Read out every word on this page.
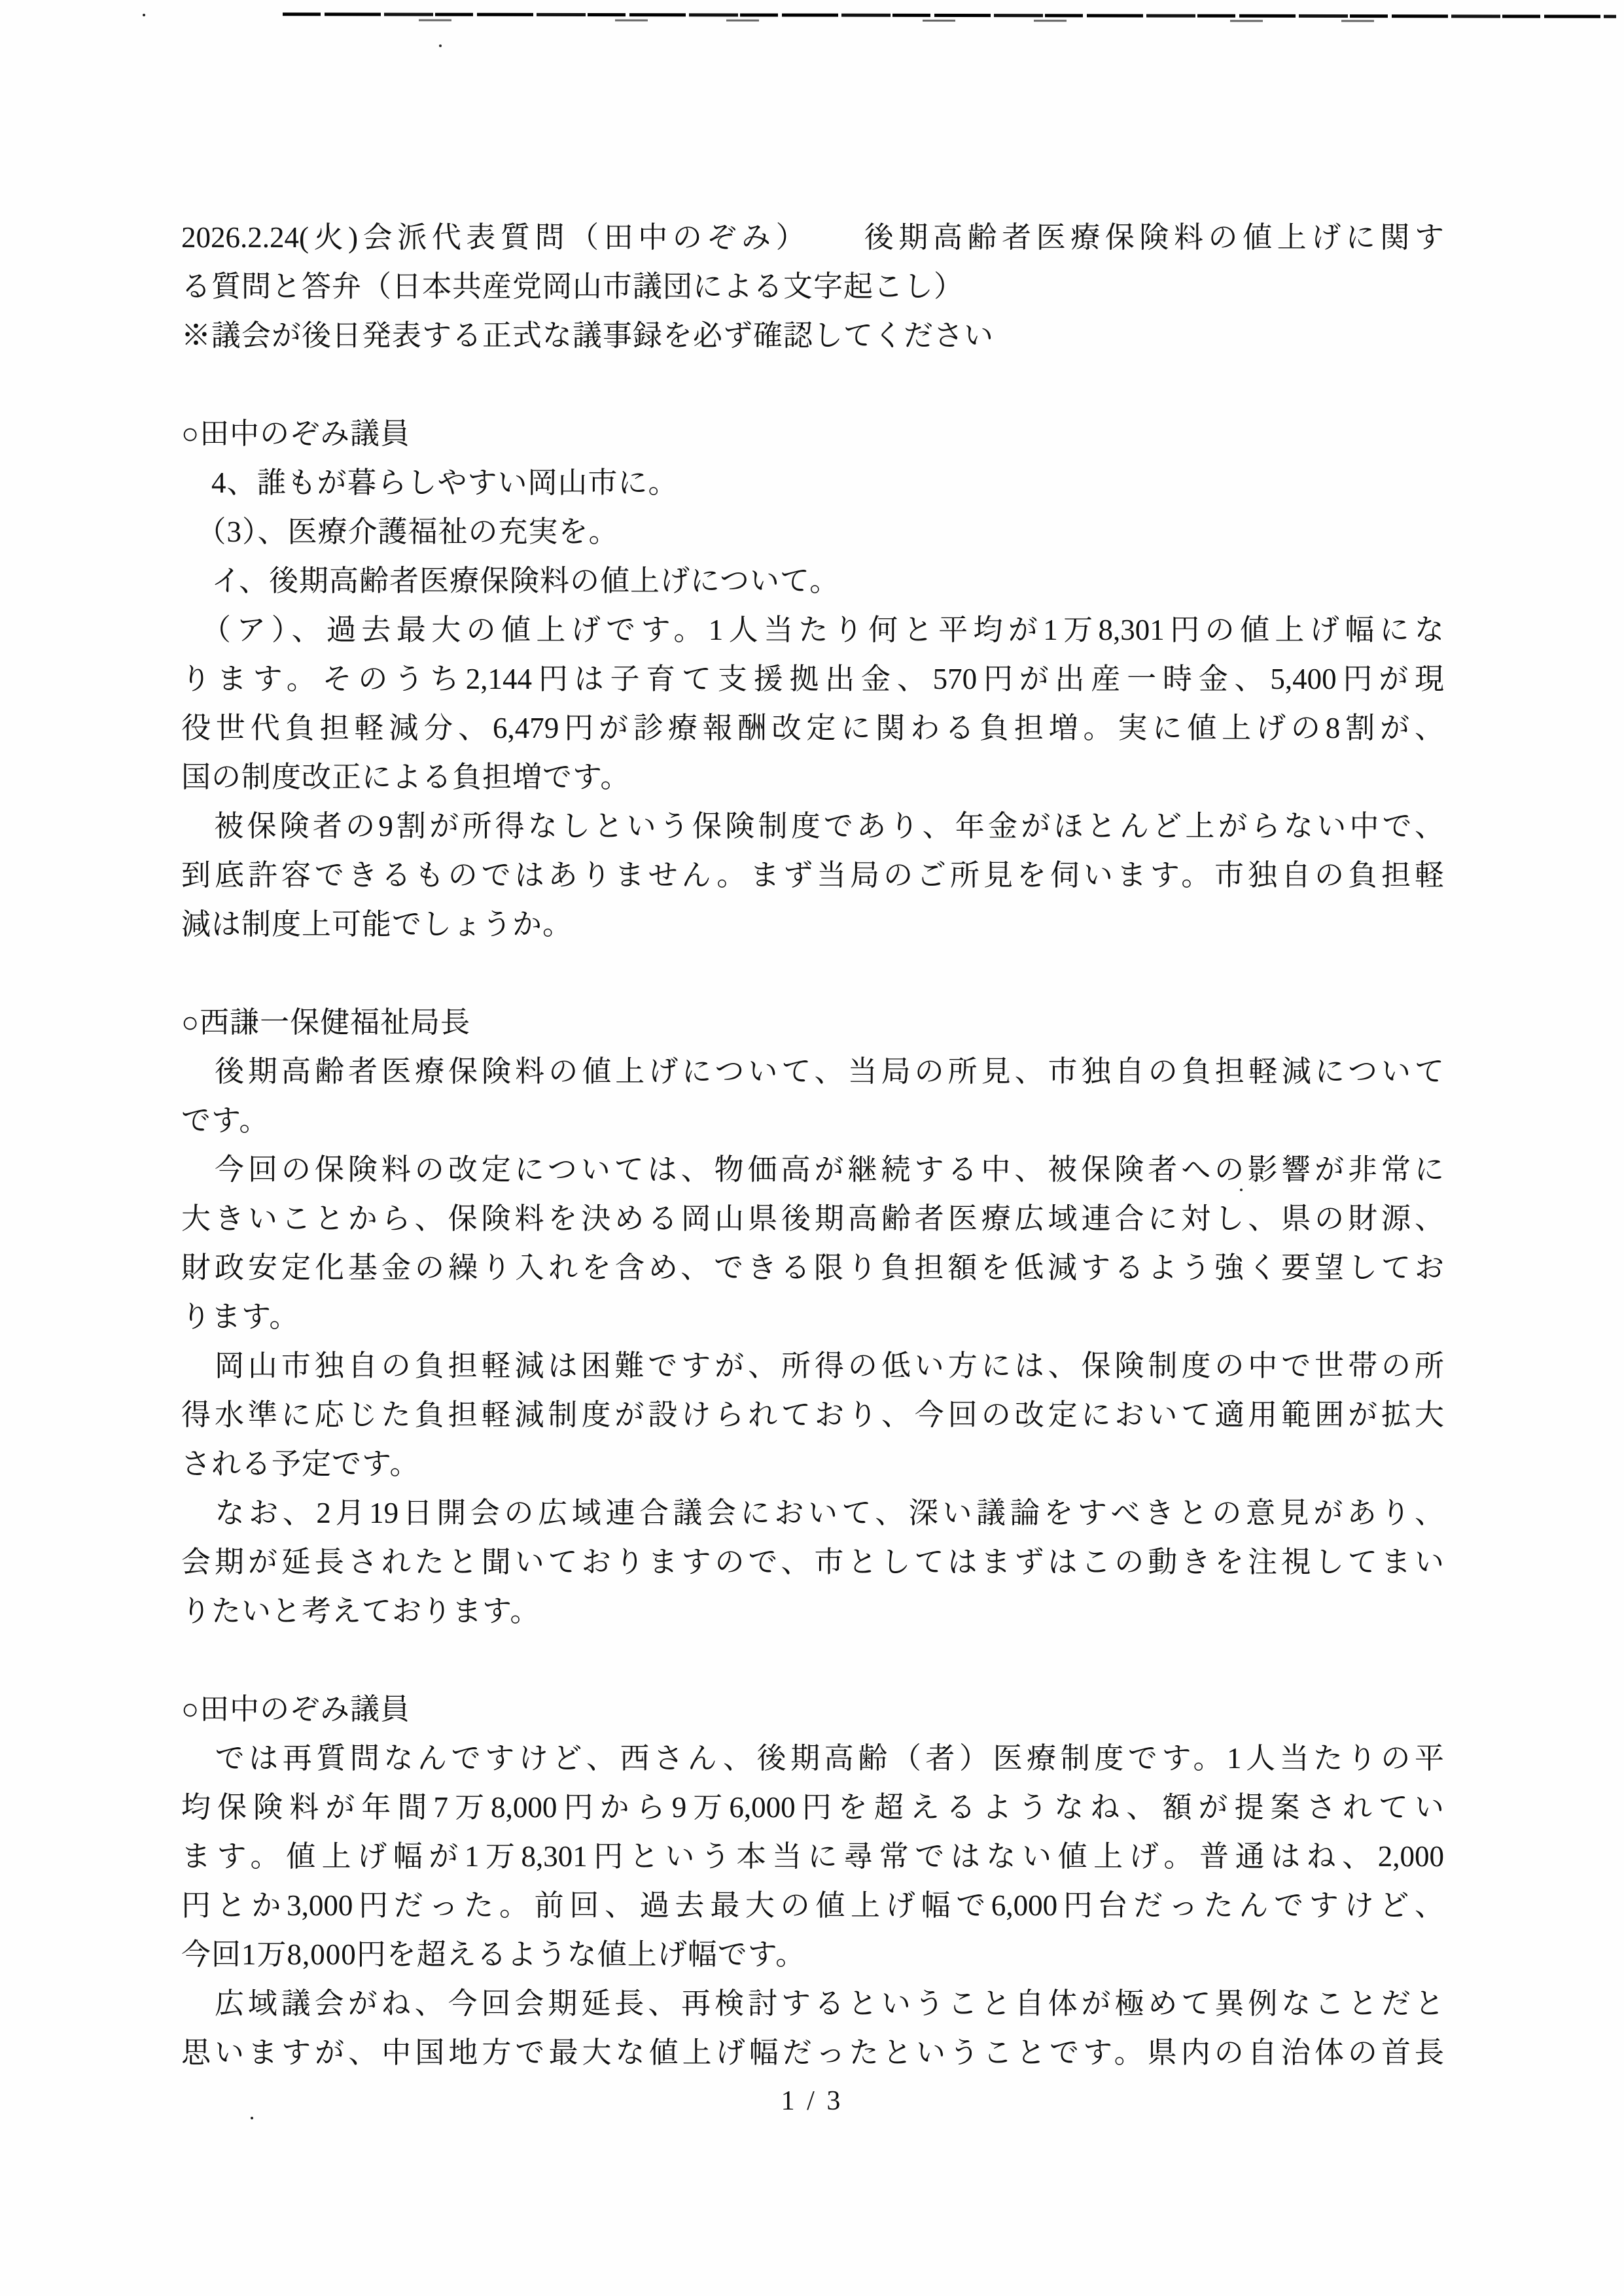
2026.2.24(火)会派代表質問（田中のぞみ）　　後期高齢者医療保険料の値上げに関す
る質問と答弁（日本共産党岡山市議団による文字起こし）
※議会が後日発表する正式な議事録を必ず確認してください

○田中のぞみ議員
　4、誰もが暮らしやすい岡山市に。
　（3）、医療介護福祉の充実を。
　イ、後期高齢者医療保険料の値上げについて。
　（ア）、過去最大の値上げです。1人当たり何と平均が1万8,301円の値上げ幅にな
ります。そのうち2,144円は子育て支援拠出金、570円が出産一時金、5,400円が現
役世代負担軽減分、6,479円が診療報酬改定に関わる負担増。実に値上げの8割が、
国の制度改正による負担増です。
　被保険者の9割が所得なしという保険制度であり、年金がほとんど上がらない中で、
到底許容できるものではありません。まず当局のご所見を伺います。市独自の負担軽
減は制度上可能でしょうか。

○西謙一保健福祉局長
　後期高齢者医療保険料の値上げについて、当局の所見、市独自の負担軽減について
です。
　今回の保険料の改定については、物価高が継続する中、被保険者への影響が非常に
大きいことから、保険料を決める岡山県後期高齢者医療広域連合に対し、県の財源、
財政安定化基金の繰り入れを含め、できる限り負担額を低減するよう強く要望してお
ります。
　岡山市独自の負担軽減は困難ですが、所得の低い方には、保険制度の中で世帯の所
得水準に応じた負担軽減制度が設けられており、今回の改定において適用範囲が拡大
される予定です。
　なお、2月19日開会の広域連合議会において、深い議論をすべきとの意見があり、
会期が延長されたと聞いておりますので、市としてはまずはこの動きを注視してまい
りたいと考えております。

○田中のぞみ議員
　では再質問なんですけど、西さん、後期高齢（者）医療制度です。1人当たりの平
均保険料が年間7万8,000円から9万6,000円を超えるようなね、額が提案されてい
ます。値上げ幅が1万8,301円という本当に尋常ではない値上げ。普通はね、2,000
円とか3,000円だった。前回、過去最大の値上げ幅で6,000円台だったんですけど、
今回1万8,000円を超えるような値上げ幅です。
　広域議会がね、今回会期延長、再検討するということ自体が極めて異例なことだと
思いますが、中国地方で最大な値上げ幅だったということです。県内の自治体の首長
1 / 3
